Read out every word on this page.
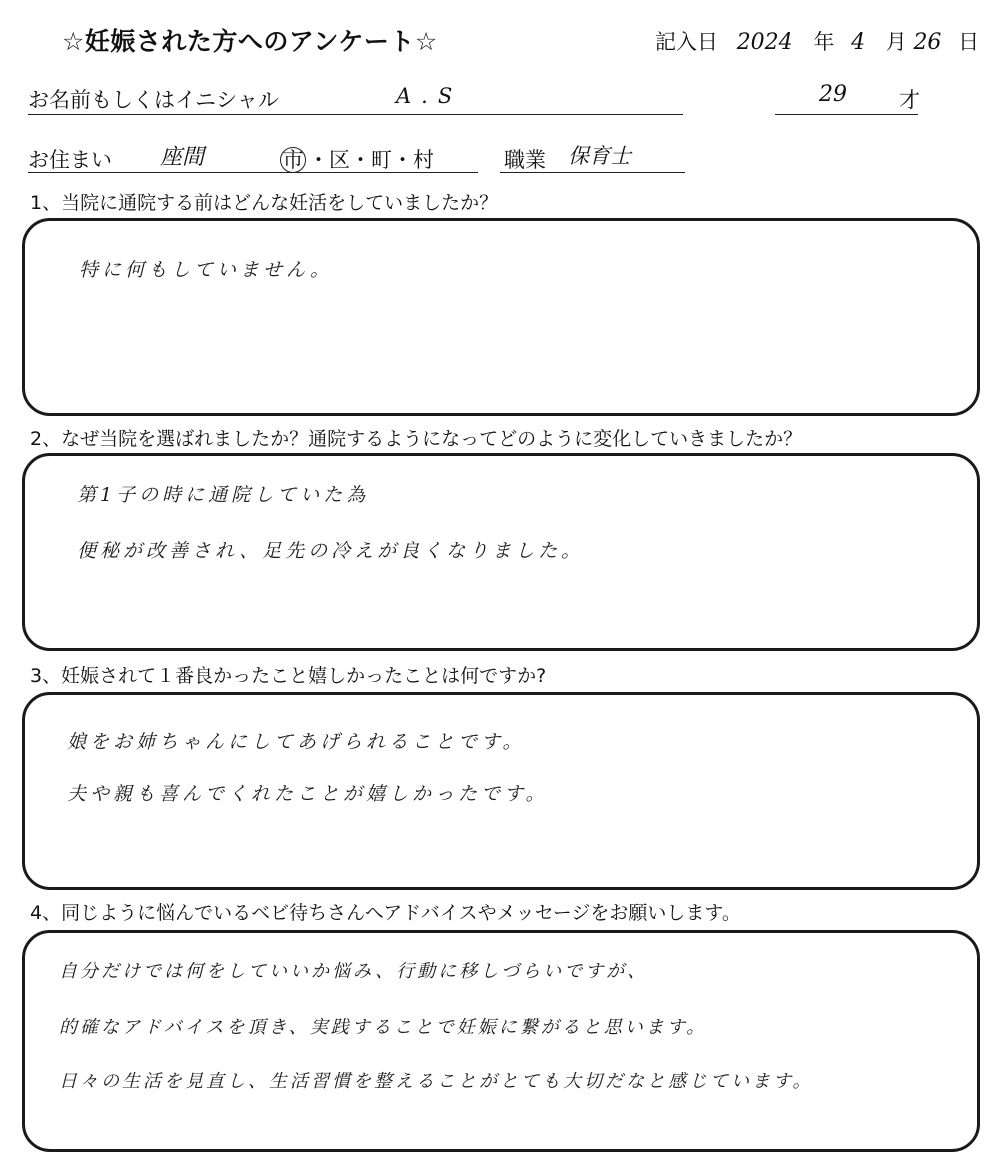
☆妊娠された方へのアンケート☆	記入日 2024 年 4 月 26 日
お名前もしくはイニシャル	A.S	29 才
お住まい 座間	市 ・区・町・村	職業 保育士
1、当院に通院する前はどんな妊活をしていましたか？
特に何もしていません。
2、なぜ当院を選ばれましたか？通院するようになってどのように変化していきましたか？
第1子の時に通院していた為
便秘が改善され、足先の冷えが良くなりました。
3、妊娠されて１番良かったこと嬉しかったことは何ですか?
娘をお姉ちゃんにしてあげられることです。
夫や親も喜んでくれたことが嬉しかったです。
4、同じように悩んでいるベビ待ちさんへアドバイスやメッセージをお願いします。
自分だけでは何をしていいか悩み、行動に移しづらいですが、
的確なアドバイスを頂き、実践することで妊娠に繋がると思います。
日々の生活を見直し、生活習慣を整えることがとても大切だなと感じています。
